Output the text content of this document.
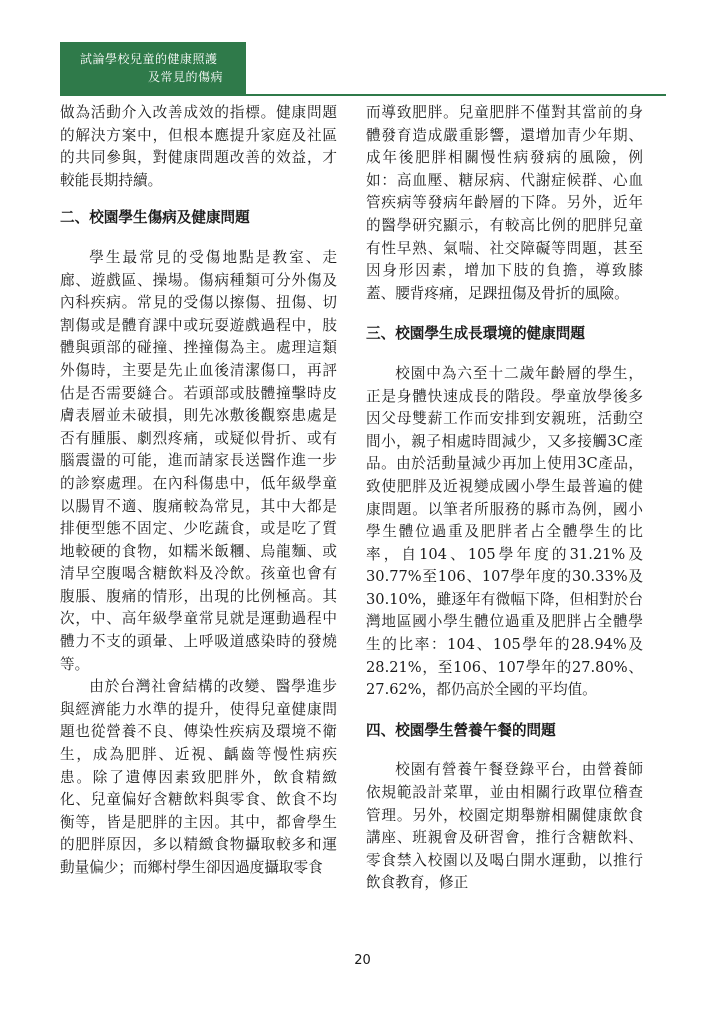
試論學校兒童的健康照護
及常見的傷病

做為活動介入改善成效的指標。健康問題的解決方案中，但根本應提升家庭及社區的共同參與，對健康問題改善的效益，才較能長期持續。

二、校園學生傷病及健康問題

學生最常見的受傷地點是教室、走廊、遊戲區、操場。傷病種類可分外傷及內科疾病。常見的受傷以擦傷、扭傷、切割傷或是體育課中或玩耍遊戲過程中，肢體與頭部的碰撞、挫撞傷為主。處理這類外傷時，主要是先止血後清潔傷口，再評估是否需要縫合。若頭部或肢體撞擊時皮膚表層並未破損，則先冰敷後觀察患處是否有腫脹、劇烈疼痛，或疑似骨折、或有腦震盪的可能，進而請家長送醫作進一步的診察處理。在內科傷患中，低年級學童以腸胃不適、腹痛較為常見，其中大都是排便型態不固定、少吃蔬食，或是吃了質地較硬的食物，如糯米飯糰、烏龍麵、或清早空腹喝含糖飲料及冷飲。孩童也會有腹脹、腹痛的情形，出現的比例極高。其次，中、高年級學童常見就是運動過程中體力不支的頭暈、上呼吸道感染時的發燒等。

由於台灣社會結構的改變、醫學進步與經濟能力水準的提升，使得兒童健康問題也從營養不良、傳染性疾病及環境不衛生，成為肥胖、近視、齲齒等慢性病疾患。除了遺傳因素致肥胖外，飲食精緻化、兒童偏好含糖飲料與零食、飲食不均衡等，皆是肥胖的主因。其中，都會學生的肥胖原因，多以精緻食物攝取較多和運動量偏少；而鄉村學生卻因過度攝取零食

而導致肥胖。兒童肥胖不僅對其當前的身體發育造成嚴重影響，還增加青少年期、成年後肥胖相關慢性病發病的風險，例如：高血壓、糖尿病、代謝症候群、心血管疾病等發病年齡層的下降。另外，近年的醫學研究顯示，有較高比例的肥胖兒童有性早熟、氣喘、社交障礙等問題，甚至因身形因素，增加下肢的負擔，導致膝蓋、腰背疼痛，足踝扭傷及骨折的風險。

三、校園學生成長環境的健康問題

校園中為六至十二歲年齡層的學生，正是身體快速成長的階段。學童放學後多因父母雙薪工作而安排到安親班，活動空間小，親子相處時間減少，又多接觸3C產品。由於活動量減少再加上使用3C產品，致使肥胖及近視變成國小學生最普遍的健康問題。以筆者所服務的縣市為例，國小學生體位過重及肥胖者占全體學生的比率，自104、105學年度的31.21%及30.77%至106、107學年度的30.33%及30.10%，雖逐年有微幅下降，但相對於台灣地區國小學生體位過重及肥胖占全體學生的比率：104、105學年的28.94%及28.21%，至106、107學年的27.80%、27.62%，都仍高於全國的平均值。

四、校園學生營養午餐的問題

校園有營養午餐登錄平台，由營養師依規範設計菜單，並由相關行政單位稽查管理。另外，校園定期舉辦相關健康飲食講座、班親會及研習會，推行含糖飲料、零食禁入校園以及喝白開水運動，以推行飲食教育，修正

20
